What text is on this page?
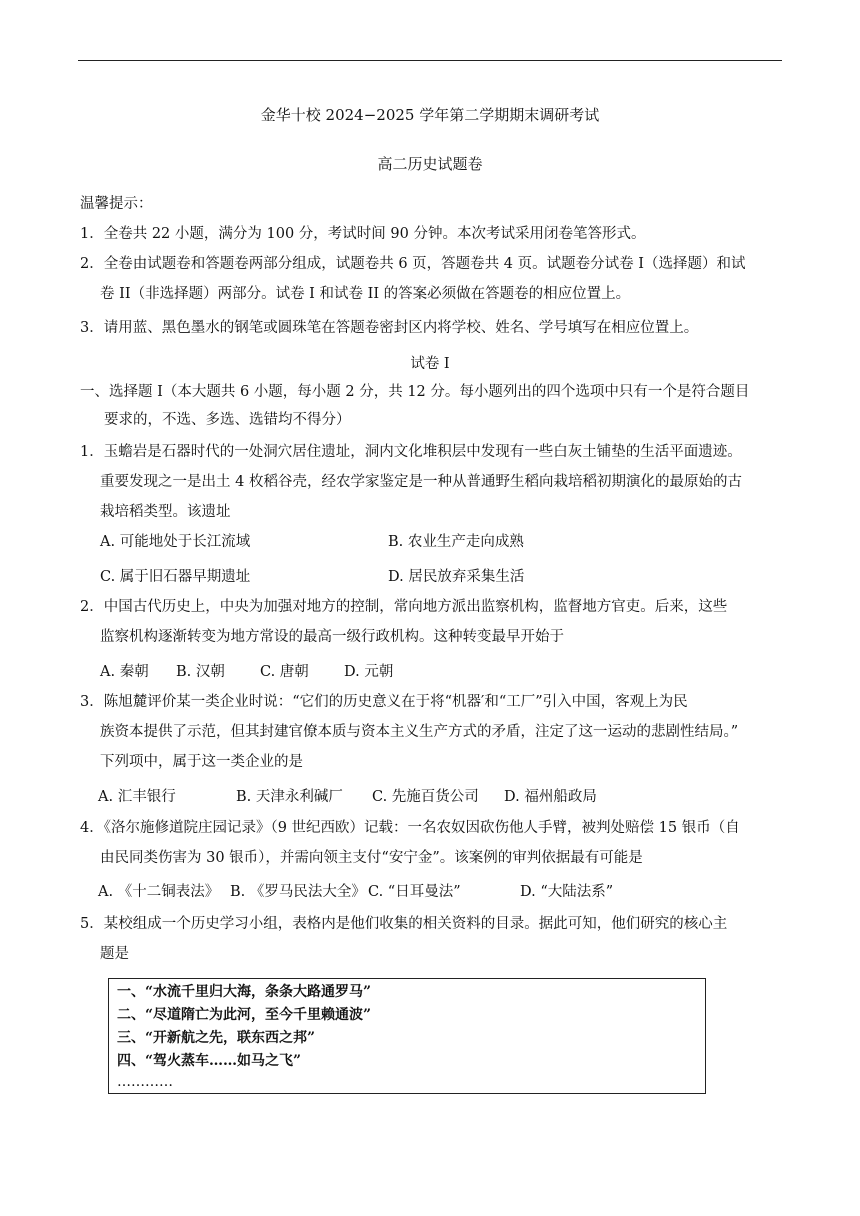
金华十校 2024−2025 学年第二学期期末调研考试
高二历史试题卷
温馨提示：
1．全卷共 22 小题，满分为 100 分，考试时间 90 分钟。本次考试采用闭卷笔答形式。
2．全卷由试题卷和答题卷两部分组成，试题卷共 6 页，答题卷共 4 页。试题卷分试卷 I（选择题）和试
卷 II（非选择题）两部分。试卷 I 和试卷 II 的答案必须做在答题卷的相应位置上。
3．请用蓝、黑色墨水的钢笔或圆珠笔在答题卷密封区内将学校、姓名、学号填写在相应位置上。
试卷 I
一、选择题 I（本大题共 6 小题，每小题 2 分，共 12 分。每小题列出的四个选项中只有一个是符合题目
要求的，不选、多选、选错均不得分）
1．玉蟾岩是石器时代的一处洞穴居住遗址，洞内文化堆积层中发现有一些白灰土铺垫的生活平面遗迹。
重要发现之一是出土 4 枚稻谷壳，经农学家鉴定是一种从普通野生稻向栽培稻初期演化的最原始的古
栽培稻类型。该遗址
A. 可能地处于长江流域	B. 农业生产走向成熟
C. 属于旧石器早期遗址	D. 居民放弃采集生活
2．中国古代历史上，中央为加强对地方的控制，常向地方派出监察机构，监督地方官吏。后来，这些
监察机构逐渐转变为地方常设的最高一级行政机构。这种转变最早开始于
A. 秦朝 B. 汉朝 C. 唐朝 D. 元朝
3．陈旭麓评价某一类企业时说：“它们的历史意义在于将“机器′和“工厂”引入中国，客观上为民
族资本提供了示范，但其封建官僚本质与资本主义生产方式的矛盾，注定了这一运动的悲剧性结局。”
下列项中，属于这一类企业的是
A. 汇丰银行	B. 天津永利碱厂 C. 先施百货公司 D. 福州船政局
4．《洛尔施修道院庄园记录》（9 世纪西欧）记载：一名农奴因砍伤他人手臂，被判处赔偿 15 银币（自
由民同类伤害为 30 银币），并需向领主支付“安宁金”。该案例的审判依据最有可能是
A. 《十二铜表法》 B. 《罗马民法大全》 C. “日耳曼法”	D. “大陆法系”
5．某校组成一个历史学习小组，表格内是他们收集的相关资料的目录。据此可知，他们研究的核心主
题是
一、“水流千里归大海，条条大路通罗马”
二、“尽道隋亡为此河，至今千里赖通波”
三、“开新航之先，联东西之邦”
四、“驾火蒸车……如马之飞”
…………
